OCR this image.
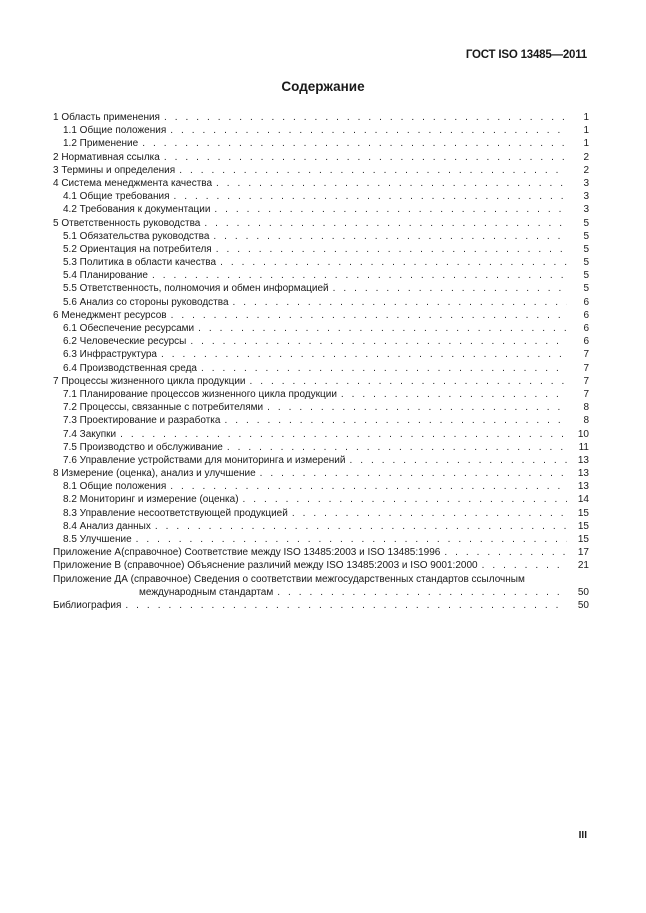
ГОСТ ISO 13485—2011
Содержание
1 Область применения . . .	1
1.1 Общие положения . . .	1
1.2 Применение . . .	1
2 Нормативная ссылка . . .	2
3 Термины и определения . . .	2
4 Система менеджмента качества . . .	3
4.1 Общие требования . . .	3
4.2 Требования к документации . . .	3
5 Ответственность руководства . . .	5
5.1 Обязательства руководства . . .	5
5.2 Ориентация на потребителя . . .	5
5.3 Политика в области качества . . .	5
5.4 Планирование . . .	5
5.5 Ответственность, полномочия и обмен информацией . . .	5
5.6 Анализ со стороны руководства . . .	6
6 Менеджмент ресурсов . . .	6
6.1 Обеспечение ресурсами . . .	6
6.2 Человеческие ресурсы . . .	6
6.3 Инфраструктура . . .	7
6.4 Производственная среда . . .	7
7 Процессы жизненного цикла продукции . . .	7
7.1 Планирование процессов жизненного цикла продукции . . .	7
7.2 Процессы, связанные с потребителями . . .	8
7.3 Проектирование и разработка . . .	8
7.4 Закупки . . .	10
7.5 Производство и обслуживание . . .	11
7.6 Управление устройствами для мониторинга и измерений . . .	13
8 Измерение (оценка), анализ и улучшение . . .	13
8.1 Общие положения . . .	13
8.2 Мониторинг и измерение (оценка) . . .	14
8.3 Управление несоответствующей продукцией . . .	15
8.4 Анализ данных . . .	15
8.5 Улучшение . . .	15
Приложение А(справочное) Соответствие между ISO 13485:2003 и ISO 13485:1996 . . .	17
Приложение В (справочное) Объяснение различий между ISO 13485:2003 и ISO 9001:2000 . . .	21
Приложение ДА (справочное) Сведения о соответствии межгосударственных стандартов ссылочным
международным стандартам . . .	50
Библиография . . .	50
III
